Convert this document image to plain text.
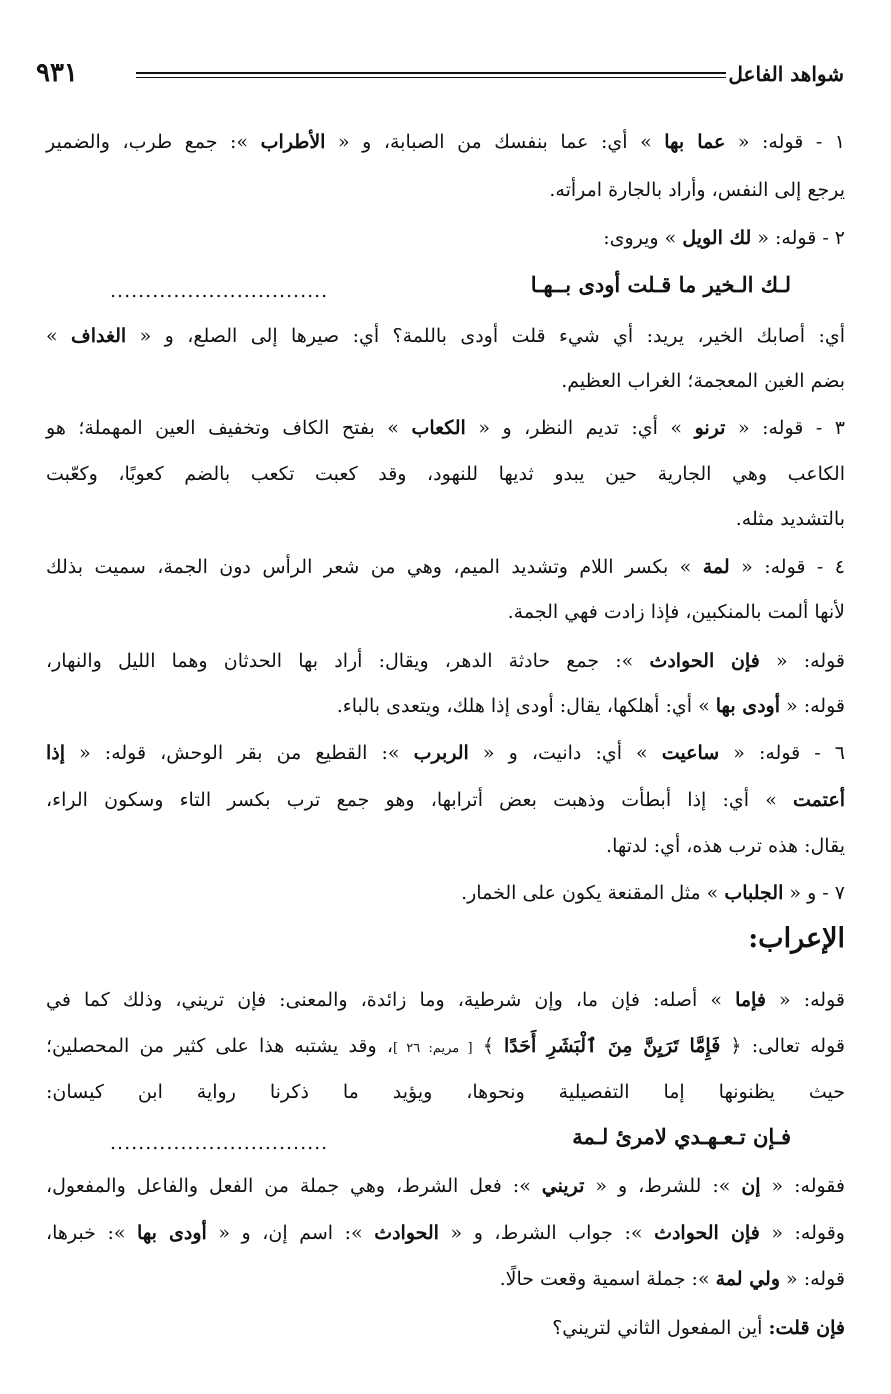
شواهد الفاعل
٩٣١
١ - قوله: « عما بها » أي: عما بنفسك من الصبابة، و « الأطراب »: جمع طرب، والضمير
يرجع إلى النفس، وأراد بالجارة امرأته.
٢ - قوله: « لك الويل » ويروى:
لـك الـخير ما قـلت أودى بــهـا
...............................
أي: أصابك الخير، يريد: أي شيء قلت أودى باللمة؟ أي: صيرها إلى الصلع، و « الغداف »
بضم الغين المعجمة؛ الغراب العظيم.
٣ - قوله: « ترنو » أي: تديم النظر، و « الكعاب » بفتح الكاف وتخفيف العين المهملة؛ هو
الكاعب وهي الجارية حين يبدو ثديها للنهود، وقد كعبت تكعب بالضم كعوبًا، وكعّبت
بالتشديد مثله.
٤ - قوله: « لمة » بكسر اللام وتشديد الميم، وهي من شعر الرأس دون الجمة، سميت بذلك
لأنها ألمت بالمنكبين، فإذا زادت فهي الجمة.
قوله: « فإن الحوادث »: جمع حادثة الدهر، ويقال: أراد بها الحدثان وهما الليل والنهار،
قوله: « أودى بها » أي: أهلكها، يقال: أودى إذا هلك، ويتعدى بالباء.
٦ - قوله: « ساعيت » أي: دانيت، و « الربرب »: القطيع من بقر الوحش، قوله: « إذا
أعتمت » أي: إذا أبطأت وذهبت بعض أترابها، وهو جمع ترب بكسر التاء وسكون الراء،
يقال: هذه ترب هذه، أي: لدتها.
٧ - و « الجلباب » مثل المقنعة يكون على الخمار.
الإعراب:
قوله: « فإما » أصله: فإن ما، وإن شرطية، وما زائدة، والمعنى: فإن تريني، وذلك كما في
قوله تعالى: ﴿ فَإِمَّا تَرَيِنَّ مِنَ ٱلْبَشَرِ أَحَدًا ﴾ [ مريم: ٢٦ ]، وقد يشتبه هذا على كثير من المحصلين؛
حيث يظنونها إما التفصيلية ونحوها، ويؤيد ما ذكرنا رواية ابن كيسان:
فـإن تـعـهـدي لامرئ لـمة
...............................
فقوله: « إن »: للشرط، و « تريني »: فعل الشرط، وهي جملة من الفعل والفاعل والمفعول،
وقوله: « فإن الحوادث »: جواب الشرط، و « الحوادث »: اسم إن، و « أودى بها »: خبرها،
قوله: « ولي لمة »: جملة اسمية وقعت حالًا.
فإن قلت: أين المفعول الثاني لتريني؟
